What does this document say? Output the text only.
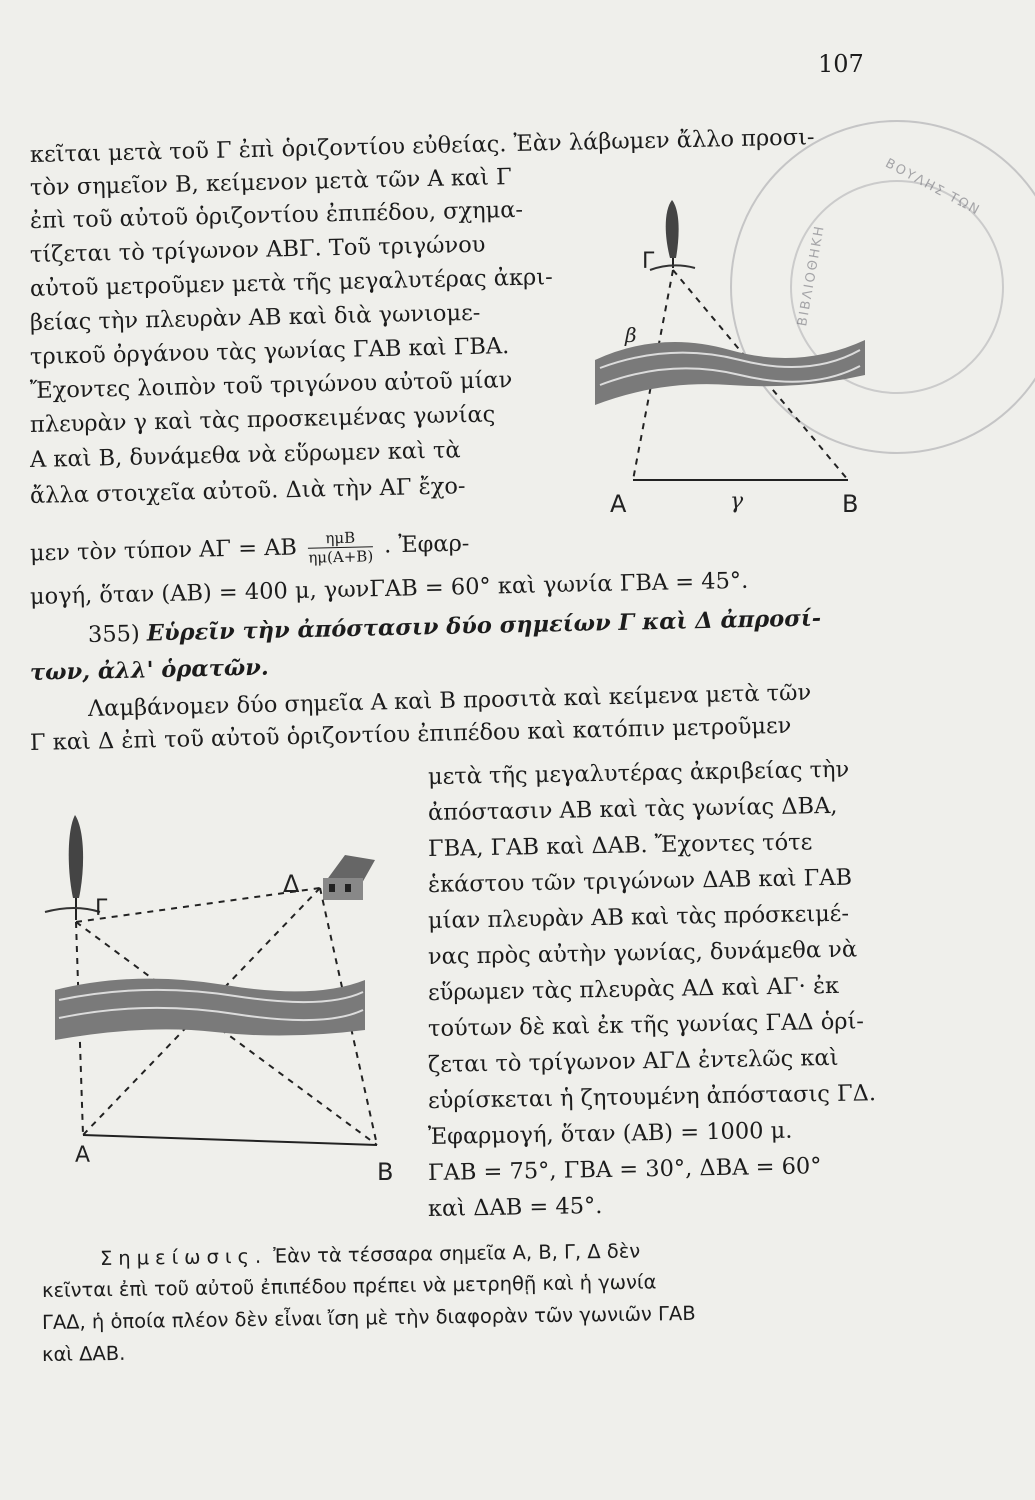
ΒΟΥΛΗΣ ΤΩΝ
ΒΙΒΛΙΟΘΗΚΗ
107
κεῖται μετὰ τοῦ Γ ἐπὶ ὁριζοντίου εὐθείας. Ἐὰν λάβωμεν ἄλλο προσι-
τὸν σημεῖον Β, κείμενον μετὰ τῶν Α καὶ Γ
ἐπὶ τοῦ αὐτοῦ ὁριζοντίου ἐπιπέδου, σχημα-
τίζεται τὸ τρίγωνον ΑΒΓ. Τοῦ τριγώνου
αὐτοῦ μετροῦμεν μετὰ τῆς μεγαλυτέρας ἀκρι-
βείας τὴν πλευρὰν ΑΒ καὶ διὰ γωνιομε-
τρικοῦ ὀργάνου τὰς γωνίας ΓΑΒ καὶ ΓΒΑ.
Ἔχοντες λοιπὸν τοῦ τριγώνου αὐτοῦ μίαν
πλευρὰν γ καὶ τὰς προσκειμένας γωνίας
Α καὶ Β, δυνάμεθα νὰ εὕρωμεν καὶ τὰ
ἄλλα στοιχεῖα αὐτοῦ. Διὰ τὴν ΑΓ ἔχο-
μεν τὸν τύπον ΑΓ = ΑΒ $\frac{\text{ημΒ}}{\eta\mu(A+B)}$ . Ἐφαρ-
μογή, ὅταν (ΑΒ) = 400 μ, γωνΓΑΒ = 60° καὶ γωνία ΓΒΑ = 45°.
355) Εὑρεῖν τὴν ἀπόστασιν δύο σημείων Γ καὶ Δ ἀπροσί-
των, ἀλλ' ὁρατῶν.
Λαμβάνομεν δύο σημεῖα Α καὶ Β προσιτὰ καὶ κείμενα μετὰ τῶν
Γ καὶ Δ ἐπὶ τοῦ αὐτοῦ ὁριζοντίου ἐπιπέδου καὶ κατόπιν μετροῦμεν
μετὰ τῆς μεγαλυτέρας ἀκριβείας τὴν
ἀπόστασιν ΑΒ καὶ τὰς γωνίας ΔΒΑ,
ΓΒΑ, ΓΑΒ καὶ ΔΑΒ. Ἔχοντες τότε
ἑκάστου τῶν τριγώνων ΔΑΒ καὶ ΓΑΒ
μίαν πλευρὰν ΑΒ καὶ τὰς πρόσκειμέ-
νας πρὸς αὐτὴν γωνίας, δυνάμεθα νὰ
εὕρωμεν τὰς πλευρὰς ΑΔ καὶ ΑΓ· ἐκ
τούτων δὲ καὶ ἐκ τῆς γωνίας ΓΑΔ ὁρί-
ζεται τὸ τρίγωνον ΑΓΔ ἐντελῶς καὶ
εὑρίσκεται ἡ ζητουμένη ἀπόστασις ΓΔ.
Ἐφαρμογή, ὅταν (ΑΒ) = 1000 μ.
ΓΑΒ = 75°, ΓΒΑ = 30°, ΔΒΑ = 60°
καὶ ΔΑΒ = 45°.
Σημείωσις. Ἐὰν τὰ τέσσαρα σημεῖα Α, Β, Γ, Δ δὲν
κεῖνται ἐπὶ τοῦ αὐτοῦ ἐπιπέδου πρέπει νὰ μετρηθῇ καὶ ἡ γωνία
ΓΑΔ, ἡ ὁποία πλέον δὲν εἶναι ἴση μὲ τὴν διαφορὰν τῶν γωνιῶν ΓΑΒ
καὶ ΔΑΒ.
Γ
β
Α	γ	Β
Δ
Γ
Α
Β
